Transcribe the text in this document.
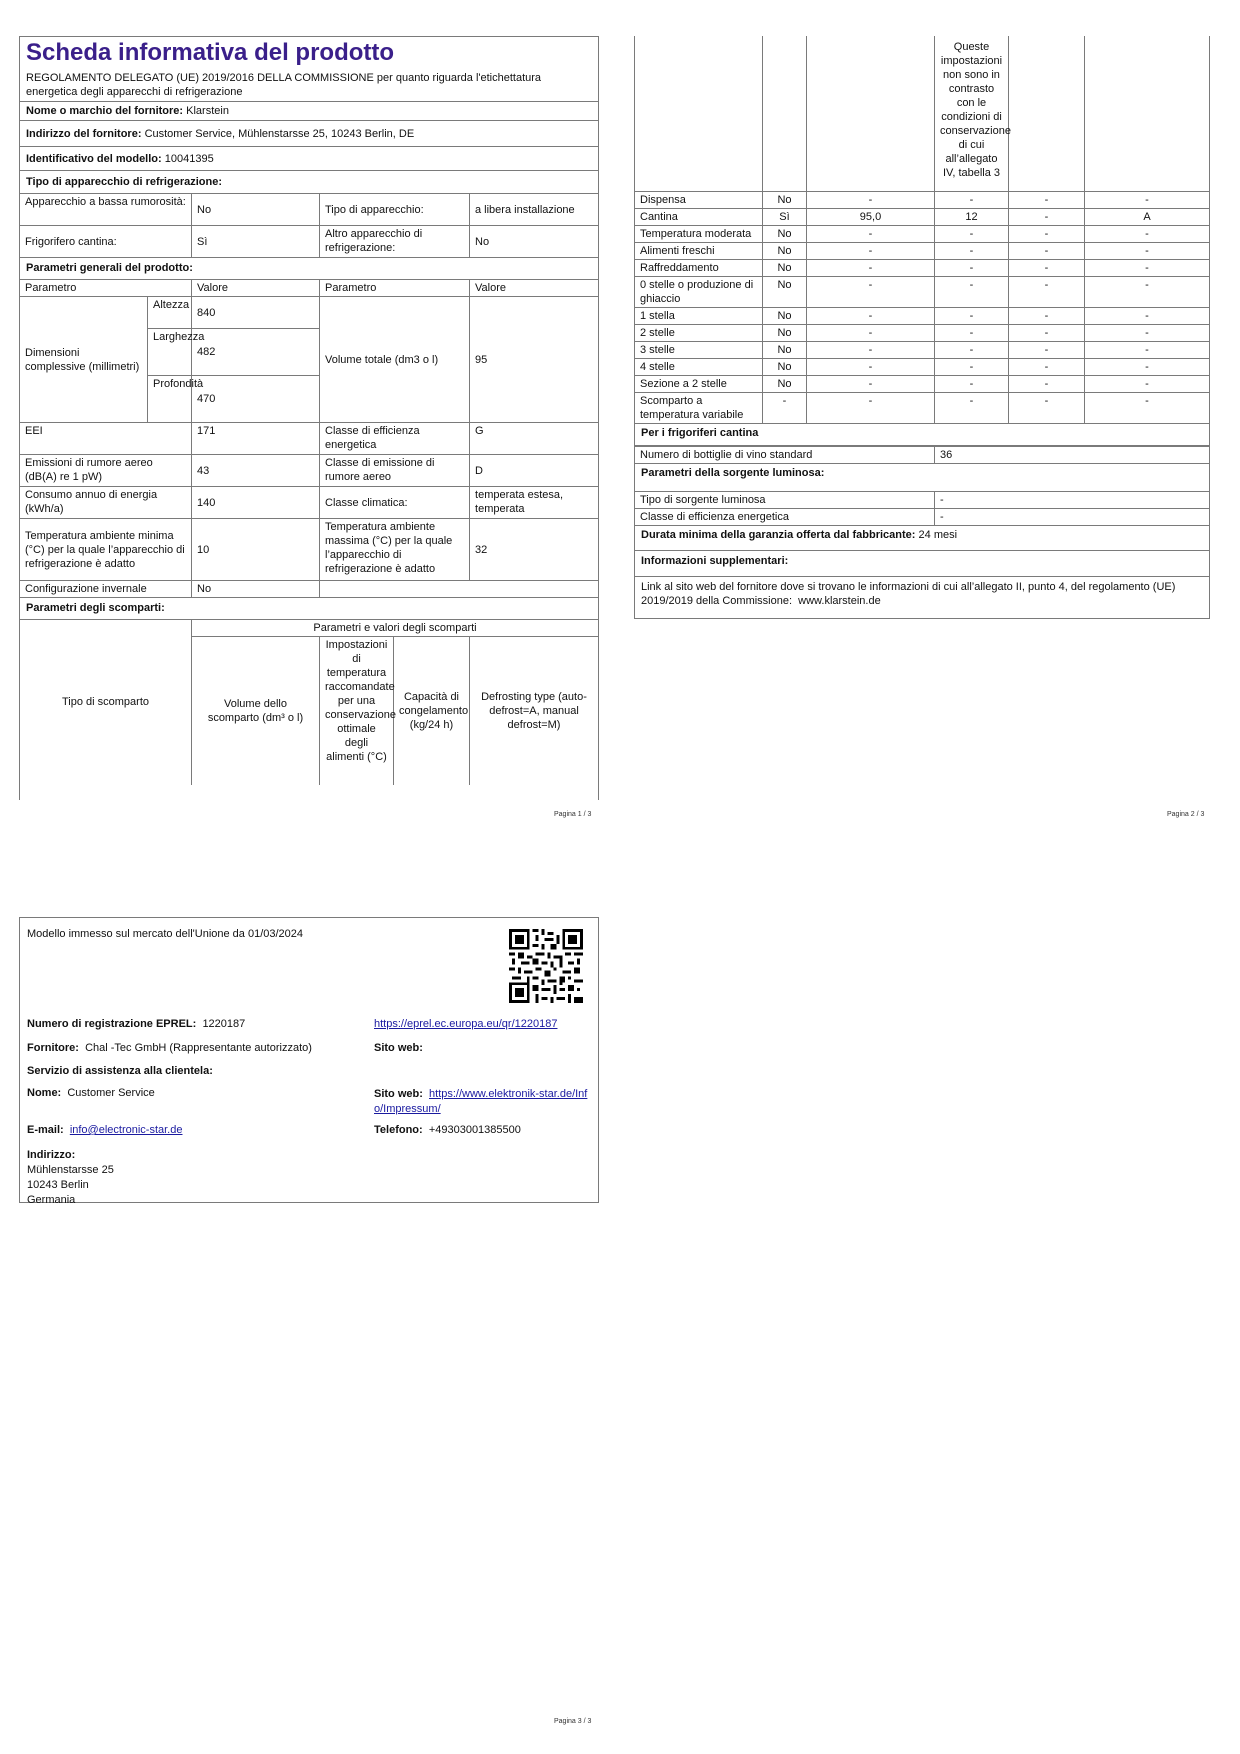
Scheda informativa del prodotto
REGOLAMENTO DELEGATO (UE) 2019/2016 DELLA COMMISSIONE per quanto riguarda l'etichettatura energetica degli apparecchi di refrigerazione
Nome o marchio del fornitore: Klarstein
Indirizzo del fornitore: Customer Service, Mühlenstarsse 25, 10243 Berlin, DE
Identificativo del modello: 10041395
Tipo di apparecchio di refrigerazione:
Apparecchio a bassa rumorosità:	No	Tipo di apparecchio:	a libera installazione
Frigorifero cantina:	Sì	Altro apparecchio di refrigerazione:	No
Parametri generali del prodotto:
Parametro		Valore	Parametro	Valore
Dimensioni complessive (millimetri)	Altezza	840	Volume totale (dm3 o l)	95
	Larghezza	482		
	Profondità	470		
EEI		171	Classe di efficienza energetica	G
Emissioni di rumore aereo (dB(A) re 1 pW)		43	Classe di emissione di rumore aereo	D
Consumo annuo di energia (kWh/a)		140	Classe climatica:	temperata estesa, temperata
Temperatura ambiente minima (°C) per la quale l’apparecchio di refrigerazione è adatto		10	Temperatura ambiente massima (°C) per la quale l’apparecchio di refrigerazione è adatto	32
Configurazione invernale		No		
Parametri degli scomparti:
Tipo di scomparto	Parametri e valori degli scomparti			
	Volume dello scomparto (dm³ o l)	Impostazioni di temperatura raccomandate per una conservazione ottimale degli alimenti (°C)	Capacità di congelamento (kg/24 h)	Defrosting type (auto-defrost=A, manual defrost=M)
Pagina 1 / 3
			Queste impostazioni non sono in contrasto con le condizioni di conservazione di cui all’allegato IV, tabella 3		
Dispensa	No	-	-	-	-
Cantina	Sì	95,0	12	-	A
Temperatura moderata	No	-	-	-	-
Alimenti freschi	No	-	-	-	-
Raffreddamento	No	-	-	-	-
0 stelle o produzione di ghiaccio	No	-	-	-	-
1 stella	No	-	-	-	-
2 stelle	No	-	-	-	-
3 stelle	No	-	-	-	-
4 stelle	No	-	-	-	-
Sezione a 2 stelle	No	-	-	-	-
Scomparto a temperatura variabile	-	-	-	-	-
Per i frigoriferi cantina
Numero di bottiglie di vino standard	36
Parametri della sorgente luminosa:
Tipo di sorgente luminosa	-
Classe di efficienza energetica	-
Durata minima della garanzia offerta dal fabbricante: 24 mesi
Informazioni supplementari:
Link al sito web del fornitore dove si trovano le informazioni di cui all’allegato II, punto 4, del regolamento (UE) 2019/2019 della Commissione: www.klarstein.de
Pagina 2 / 3
Modello immesso sul mercato dell'Unione da 01/03/2024
Numero di registrazione EPREL: 1220187	https://eprel.ec.europa.eu/qr/1220187
Fornitore: Chal -Tec GmbH (Rappresentante autorizzato)	Sito web:
Servizio di assistenza alla clientela:
Nome: Customer Service	Sito web: https://www.elektronik-star.de/Info/Impressum/
E-mail: info@electronic-star.de	Telefono: +49303001385500
Indirizzo:
Mühlenstarsse 25
10243 Berlin
Germania
Pagina 3 / 3
